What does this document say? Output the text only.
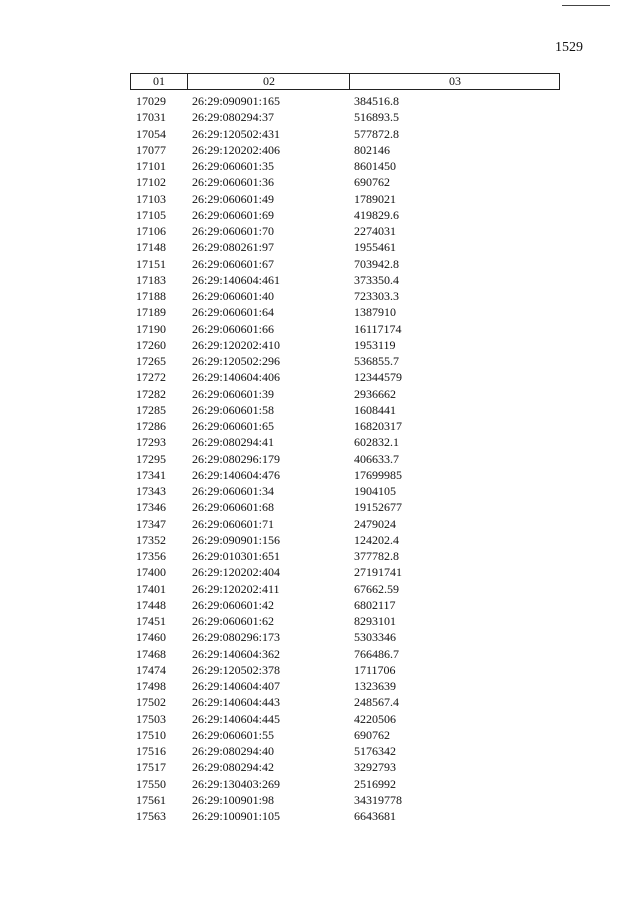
1529
01	02	03
17029 26:29:090901:165	384516.8
17031 26:29:080294:37	516893.5
17054 26:29:120502:431	577872.8
17077 26:29:120202:406	802146
17101 26:29:060601:35	8601450
17102 26:29:060601:36	690762
17103 26:29:060601:49	1789021
17105 26:29:060601:69	419829.6
17106 26:29:060601:70	2274031
17148 26:29:080261:97	1955461
17151 26:29:060601:67	703942.8
17183 26:29:140604:461	373350.4
17188 26:29:060601:40	723303.3
17189 26:29:060601:64	1387910
17190 26:29:060601:66	16117174
17260 26:29:120202:410	1953119
17265 26:29:120502:296	536855.7
17272 26:29:140604:406	12344579
17282 26:29:060601:39	2936662
17285 26:29:060601:58	1608441
17286 26:29:060601:65	16820317
17293 26:29:080294:41	602832.1
17295 26:29:080296:179	406633.7
17341 26:29:140604:476	17699985
17343 26:29:060601:34	1904105
17346 26:29:060601:68	19152677
17347 26:29:060601:71	2479024
17352 26:29:090901:156	124202.4
17356 26:29:010301:651	377782.8
17400 26:29:120202:404	27191741
17401 26:29:120202:411	67662.59
17448 26:29:060601:42	6802117
17451 26:29:060601:62	8293101
17460 26:29:080296:173	5303346
17468 26:29:140604:362	766486.7
17474 26:29:120502:378	1711706
17498 26:29:140604:407	1323639
17502 26:29:140604:443	248567.4
17503 26:29:140604:445	4220506
17510 26:29:060601:55	690762
17516 26:29:080294:40	5176342
17517 26:29:080294:42	3292793
17550 26:29:130403:269	2516992
17561 26:29:100901:98	34319778
17563 26:29:100901:105	6643681
